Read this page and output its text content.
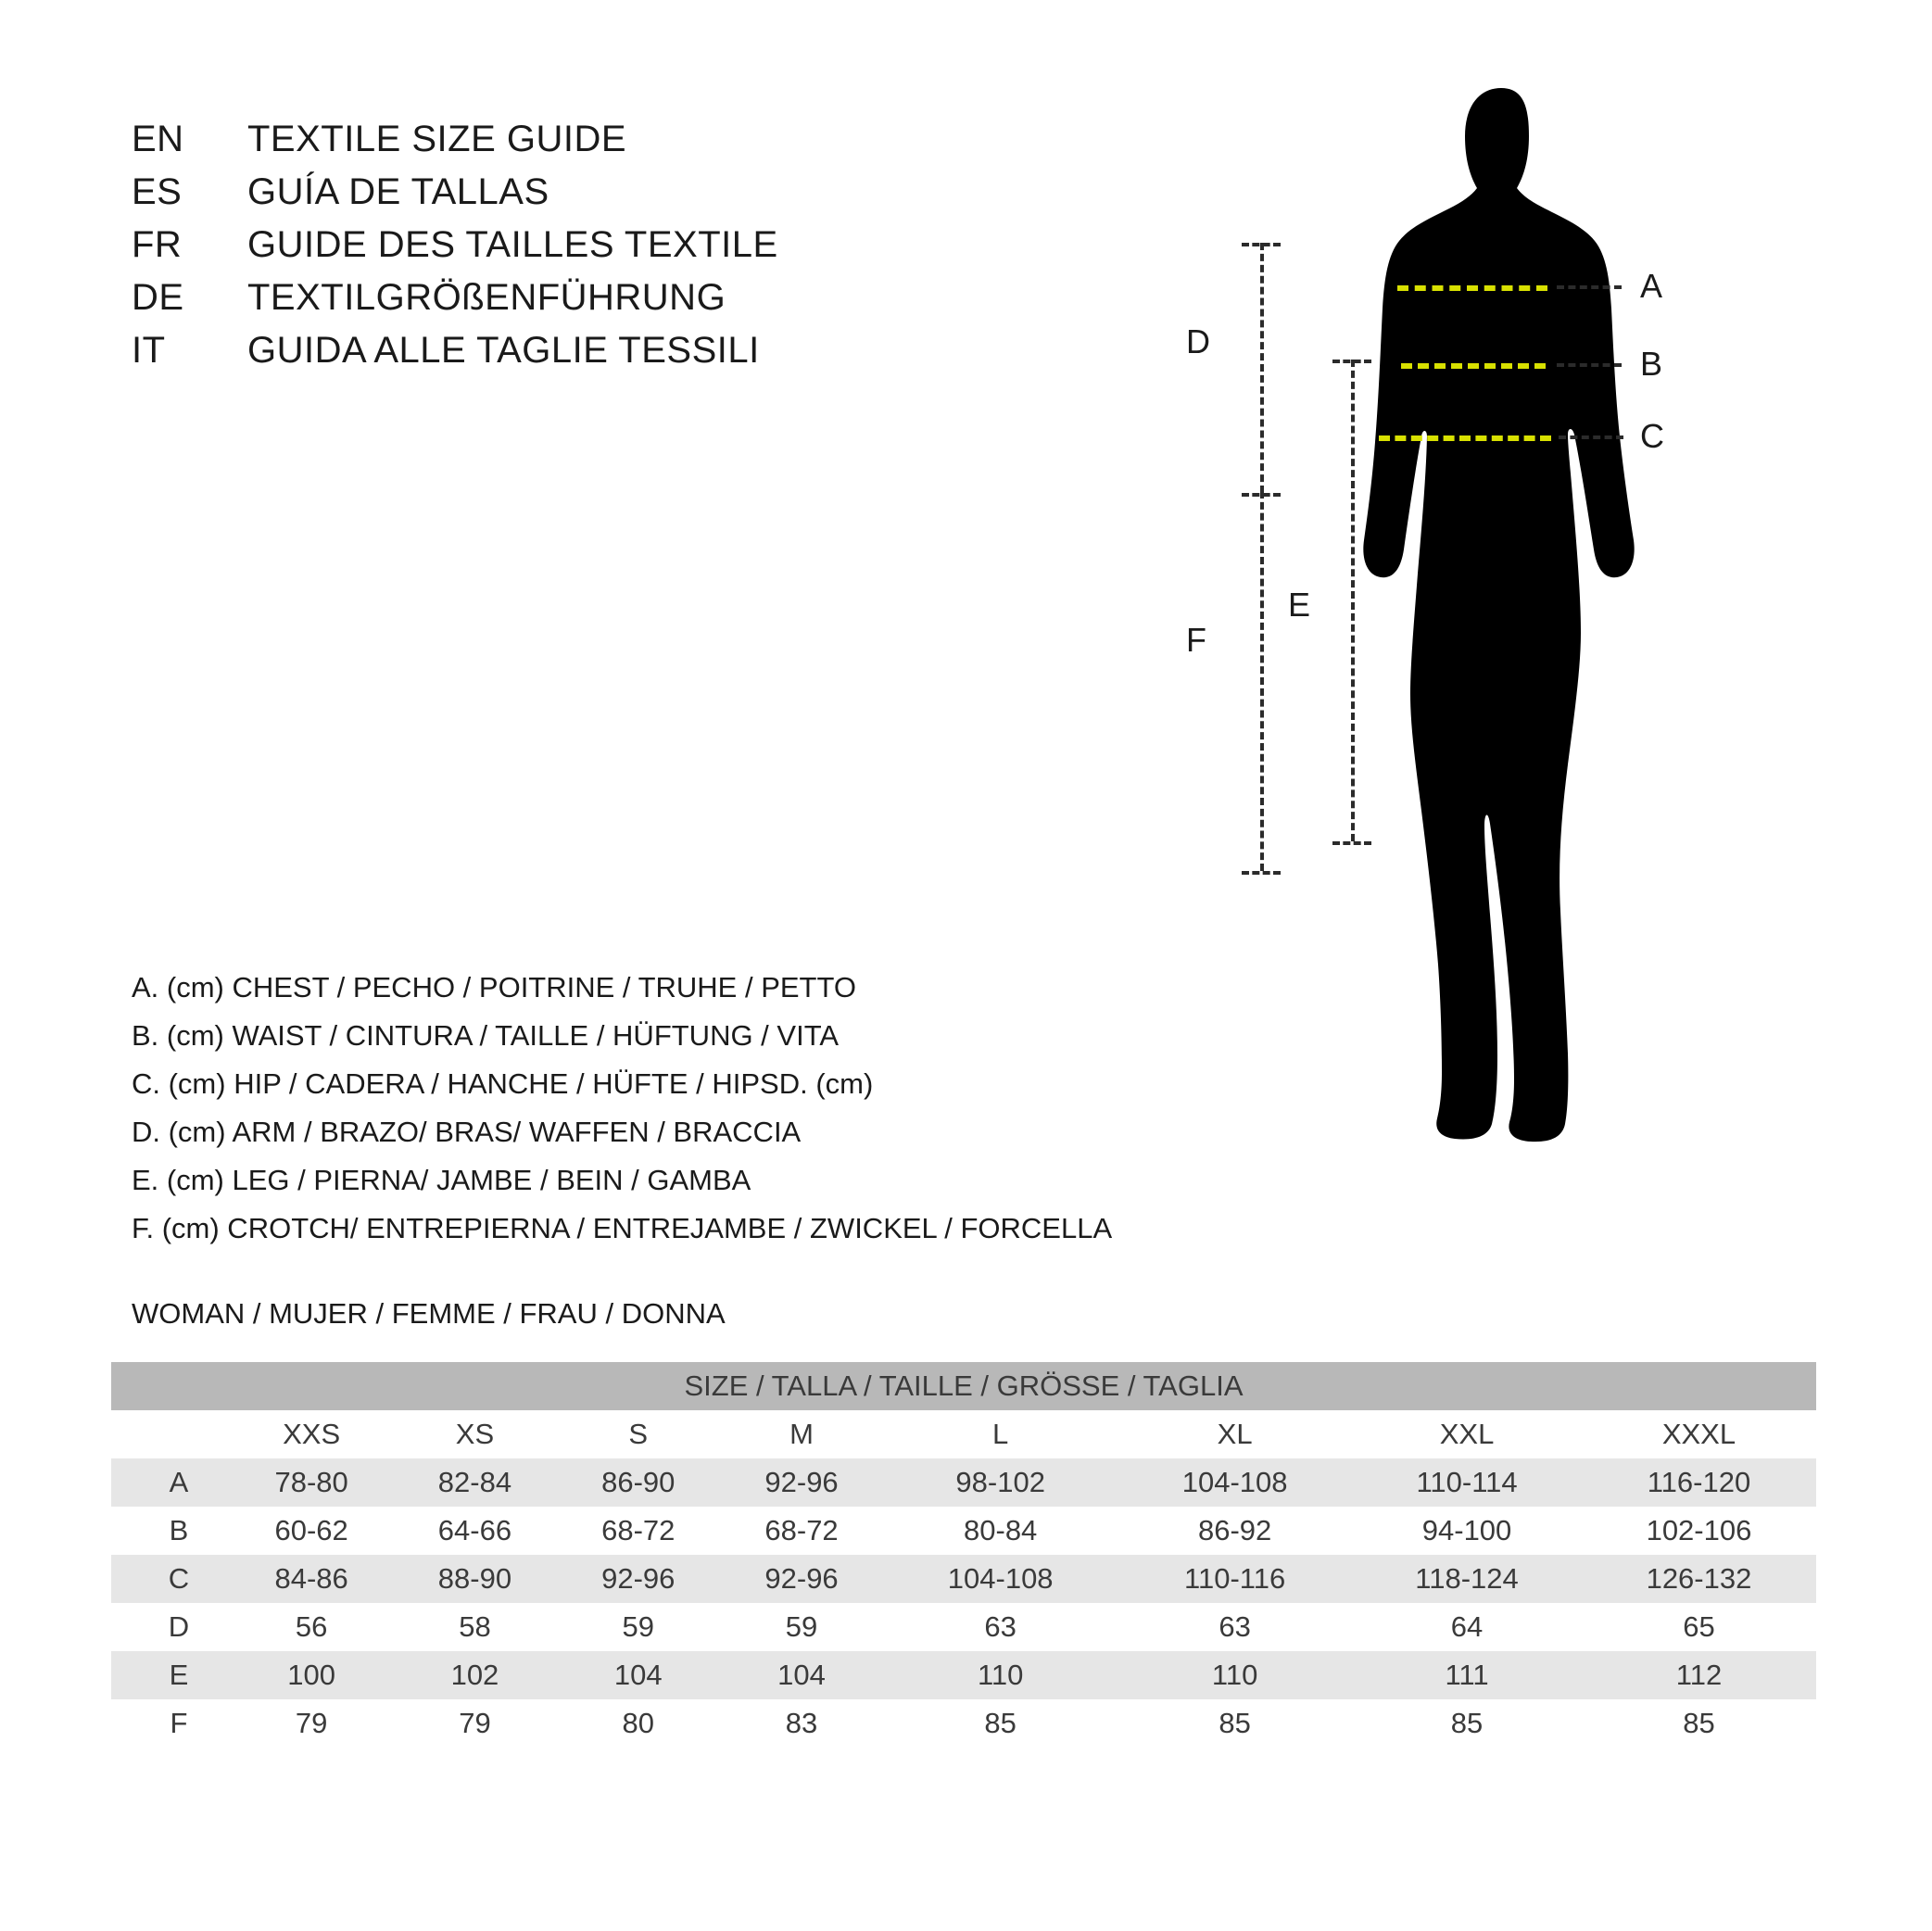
EN	TEXTILE SIZE GUIDE
ES	GUÍA DE TALLAS
FR	GUIDE DES TAILLES TEXTILE
DE	TEXTILGRÖßENFÜHRUNG
IT	GUIDA ALLE TAGLIE TESSILI
A. (cm) CHEST / PECHO / POITRINE / TRUHE / PETTO
B. (cm) WAIST / CINTURA / TAILLE / HÜFTUNG / VITA
C. (cm) HIP / CADERA / HANCHE / HÜFTE / HIPSD. (cm)
D. (cm) ARM / BRAZO/ BRAS/ WAFFEN / BRACCIA
E. (cm) LEG / PIERNA/ JAMBE / BEIN / GAMBA
F. (cm) CROTCH/ ENTREPIERNA / ENTREJAMBE / ZWICKEL / FORCELLA
WOMAN / MUJER / FEMME / FRAU / DONNA
A
B
C
D
E
F
SIZE / TALLA / TAILLE / GRÖSSE / TAGLIA								
	XXS	XS	S	M	L	XL	XXL	XXXL
A	78-80	82-84	86-90	92-96	98-102	104-108	110-114	116-120
B	60-62	64-66	68-72	68-72	80-84	86-92	94-100	102-106
C	84-86	88-90	92-96	92-96	104-108	110-116	118-124	126-132
D	56	58	59	59	63	63	64	65
E	100	102	104	104	110	110	111	112
F	79	79	80	83	85	85	85	85
